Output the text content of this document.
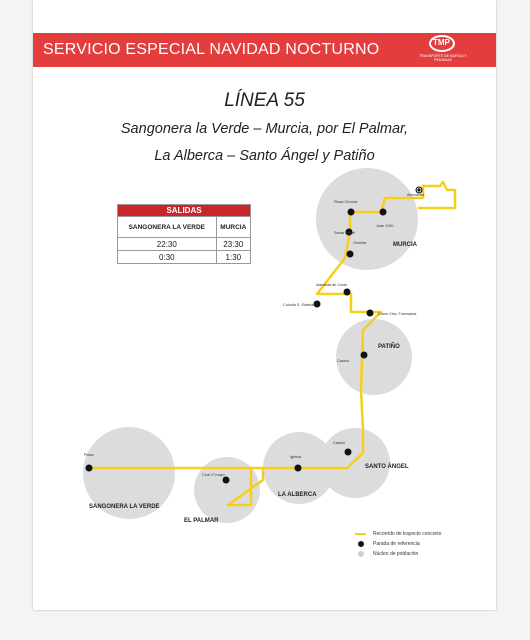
SERVICIO ESPECIAL NAVIDAD NOCTURNO	TMP
TRANSPORTE DE MURCIA Y PEDANIAS
LÍNEA 55
Sangonera la Verde – Murcia, por El Palmar,
La Alberca – Santo Ángel y Patiño
Abenarabi
Plaza Circular
Juan XXIII
Santa Isabel
Glorieta
Alameda de Colón
Colonia S. Esteban
Cruce Ctra. Fuensanta
Casino
Casino
Iglesia
Club 1º mayo
Plaza
MURCIA
PATIÑO
SANTO ÁNGEL
LA ALBERCA
EL PALMAR
SANGONERA LA VERDE
SALIDAS	
SANGONERA LA VERDE	MURCIA
22:30	23:30
0:30	1:30
Recorrido de trayecto concreto
Parada de referencia
Núcleo de población
